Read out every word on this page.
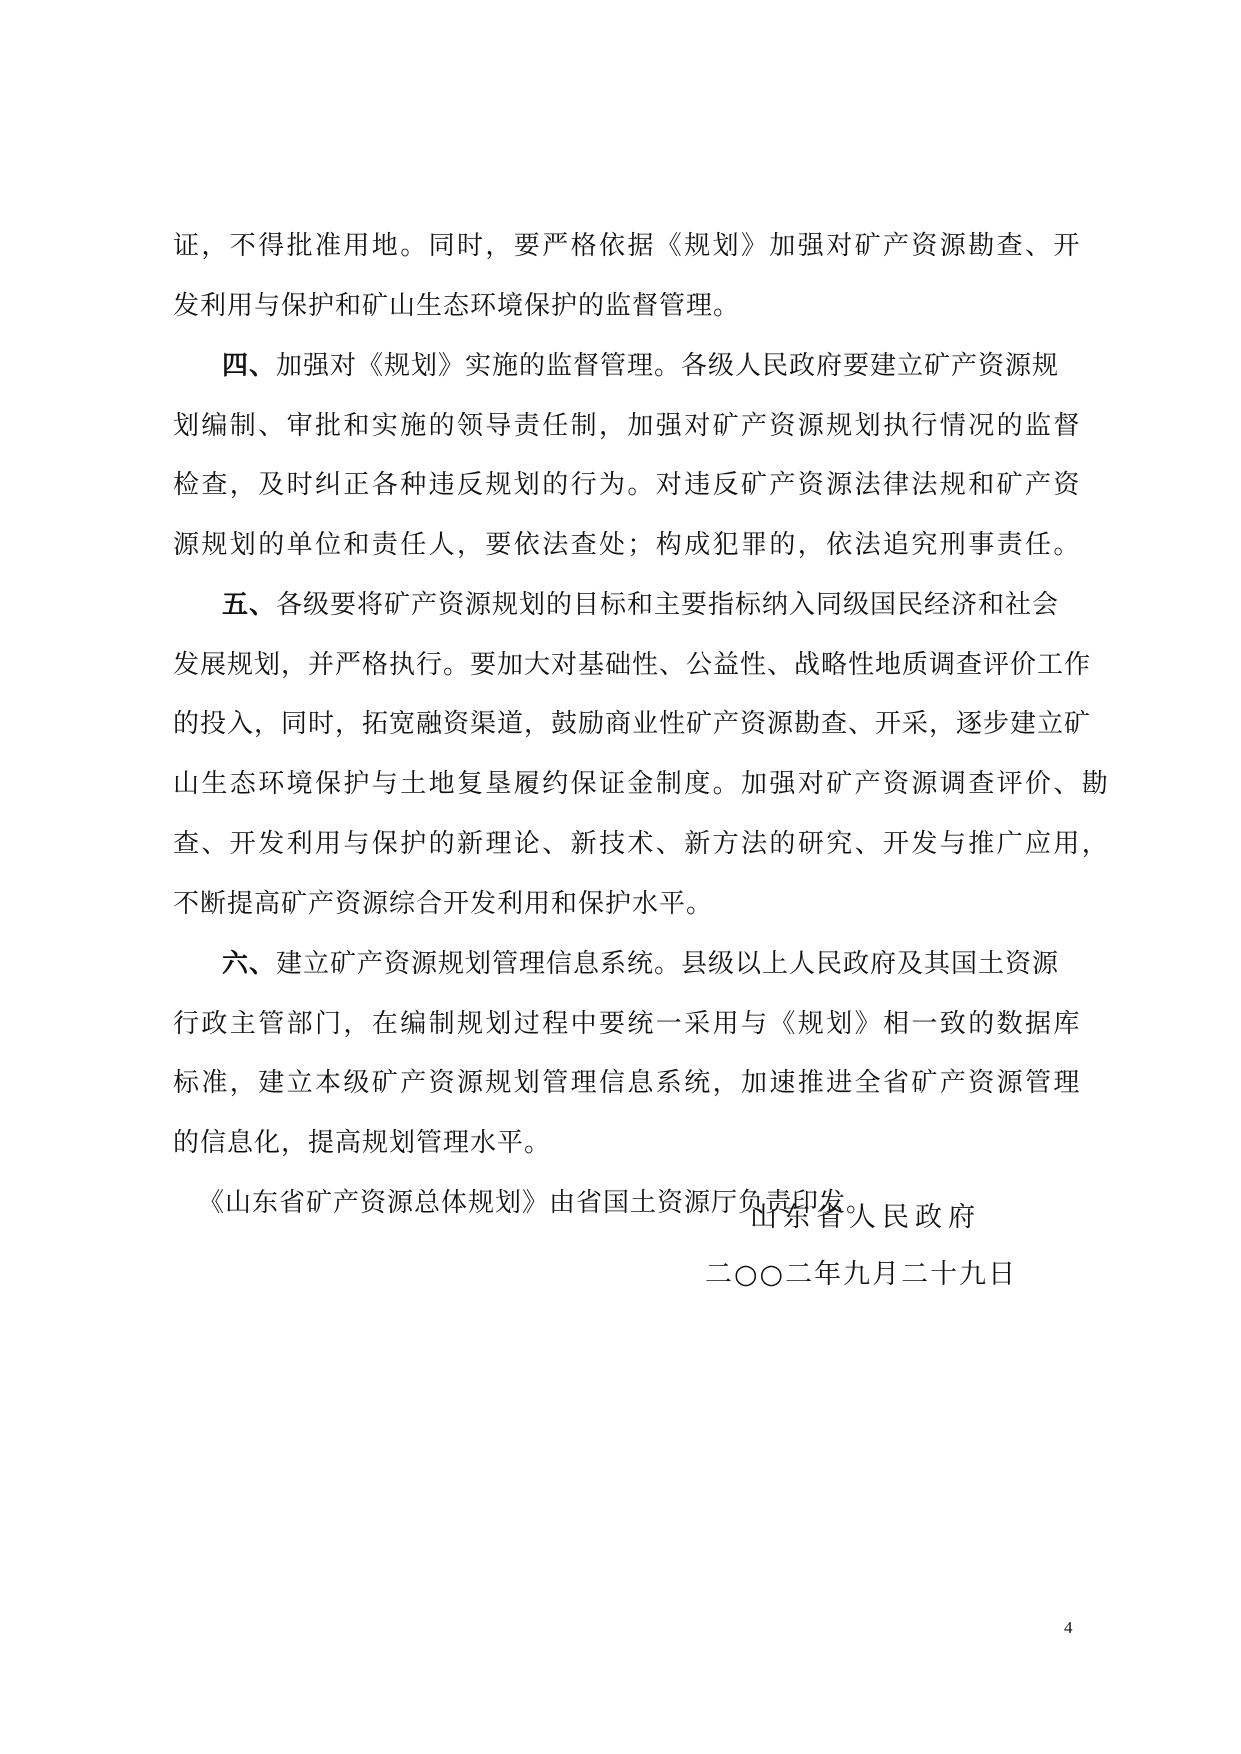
证，不得批准用地。同时，要严格依据《规划》加强对矿产资源勘查、开
发利用与保护和矿山生态环境保护的监督管理。
四、加强对《规划》实施的监督管理。各级人民政府要建立矿产资源规
划编制、审批和实施的领导责任制，加强对矿产资源规划执行情况的监督
检查，及时纠正各种违反规划的行为。对违反矿产资源法律法规和矿产资
源规划的单位和责任人，要依法查处；构成犯罪的，依法追究刑事责任。
五、各级要将矿产资源规划的目标和主要指标纳入同级国民经济和社会
发展规划，并严格执行。要加大对基础性、公益性、战略性地质调查评价工作
的投入，同时，拓宽融资渠道，鼓励商业性矿产资源勘查、开采，逐步建立矿
山生态环境保护与土地复垦履约保证金制度。加强对矿产资源调查评价、勘
查、开发利用与保护的新理论、新技术、新方法的研究、开发与推广应用，
不断提高矿产资源综合开发利用和保护水平。
六、建立矿产资源规划管理信息系统。县级以上人民政府及其国土资源
行政主管部门，在编制规划过程中要统一采用与《规划》相一致的数据库
标准，建立本级矿产资源规划管理信息系统，加速推进全省矿产资源管理
的信息化，提高规划管理水平。
《山东省矿产资源总体规划》由省国土资源厅负责印发。
山东省人民政府
二○○二年九月二十九日
4
